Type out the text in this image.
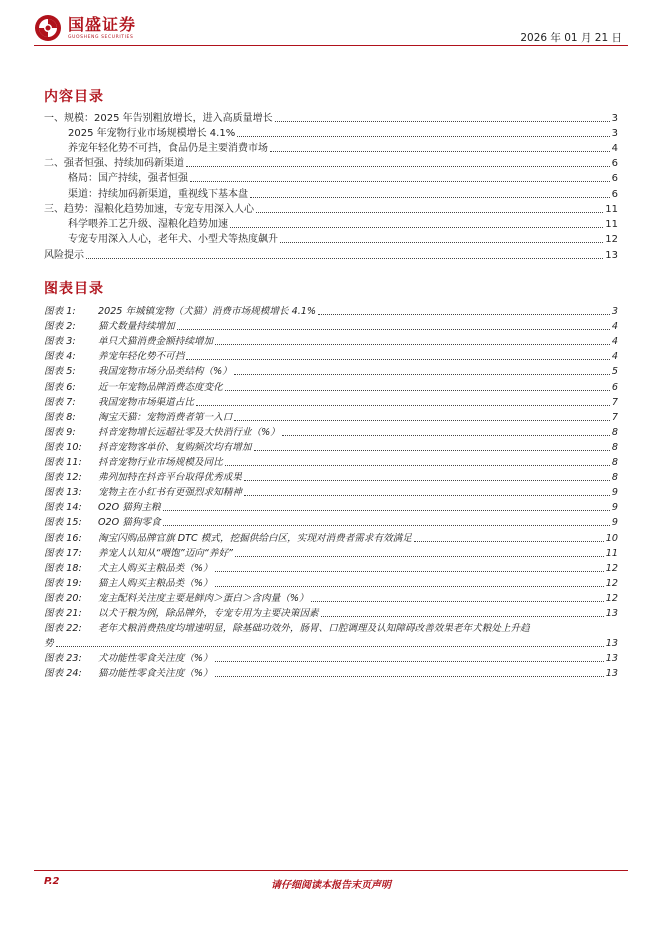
国盛证券
GUOSHENG SECURITIES	2026 年 01 月 21 日
内容目录
一、规模：2025 年告别粗放增长，进入高质量增长	3
2025 年宠物行业市场规模增长 4.1%	3
养宠年轻化势不可挡，食品仍是主要消费市场	4
二、强者恒强、持续加码新渠道	6
格局：国产持续，强者恒强	6
渠道：持续加码新渠道，重视线下基本盘	6
三、趋势：湿粮化趋势加速，专宠专用深入人心	11
科学喂养工艺升级、湿粮化趋势加速	11
专宠专用深入人心，老年犬、小型犬等热度飙升	12
风险提示	13
图表目录
图表 1:	2025 年城镇宠物（犬猫）消费市场规模增长 4.1%	3
图表 2:	猫犬数量持续增加	4
图表 3:	单只犬猫消费金额持续增加	4
图表 4:	养宠年轻化势不可挡	4
图表 5:	我国宠物市场分品类结构（%）	5
图表 6:	近一年宠物品牌消费态度变化	6
图表 7:	我国宠物市场渠道占比	7
图表 8:	淘宝天猫：宠物消费者第一入口	7
图表 9:	抖音宠物增长远超社零及大快消行业（%）	8
图表 10:	抖音宠物客单价、复购频次均有增加	8
图表 11:	抖音宠物行业市场规模及同比	8
图表 12:	弗列加特在抖音平台取得优秀成果	8
图表 13:	宠物主在小红书有更强烈求知精神	9
图表 14:	O2O 猫狗主粮	9
图表 15:	O2O 猫狗零食	9
图表 16:	淘宝闪购品牌官旗 DTC 模式，挖掘供给白区，实现对消费者需求有效满足	10
图表 17:	养宠人认知从“喂饱”迈向“养好”	11
图表 18:	犬主人购买主粮品类（%）	12
图表 19:	猫主人购买主粮品类（%）	12
图表 20:	宠主配料关注度主要是鲜肉＞蛋白＞含肉量（%）	12
图表 21:	以犬干粮为例，除品牌外，专宠专用为主要决策因素	13
图表 22:	老年犬粮消费热度均增速明显，除基础功效外，肠胃、口腔调理及认知障碍改善效果老年犬粮处上升趋
势	13
图表 23:	犬功能性零食关注度（%）	13
图表 24:	猫功能性零食关注度（%）	13
P.2	请仔细阅读本报告末页声明
